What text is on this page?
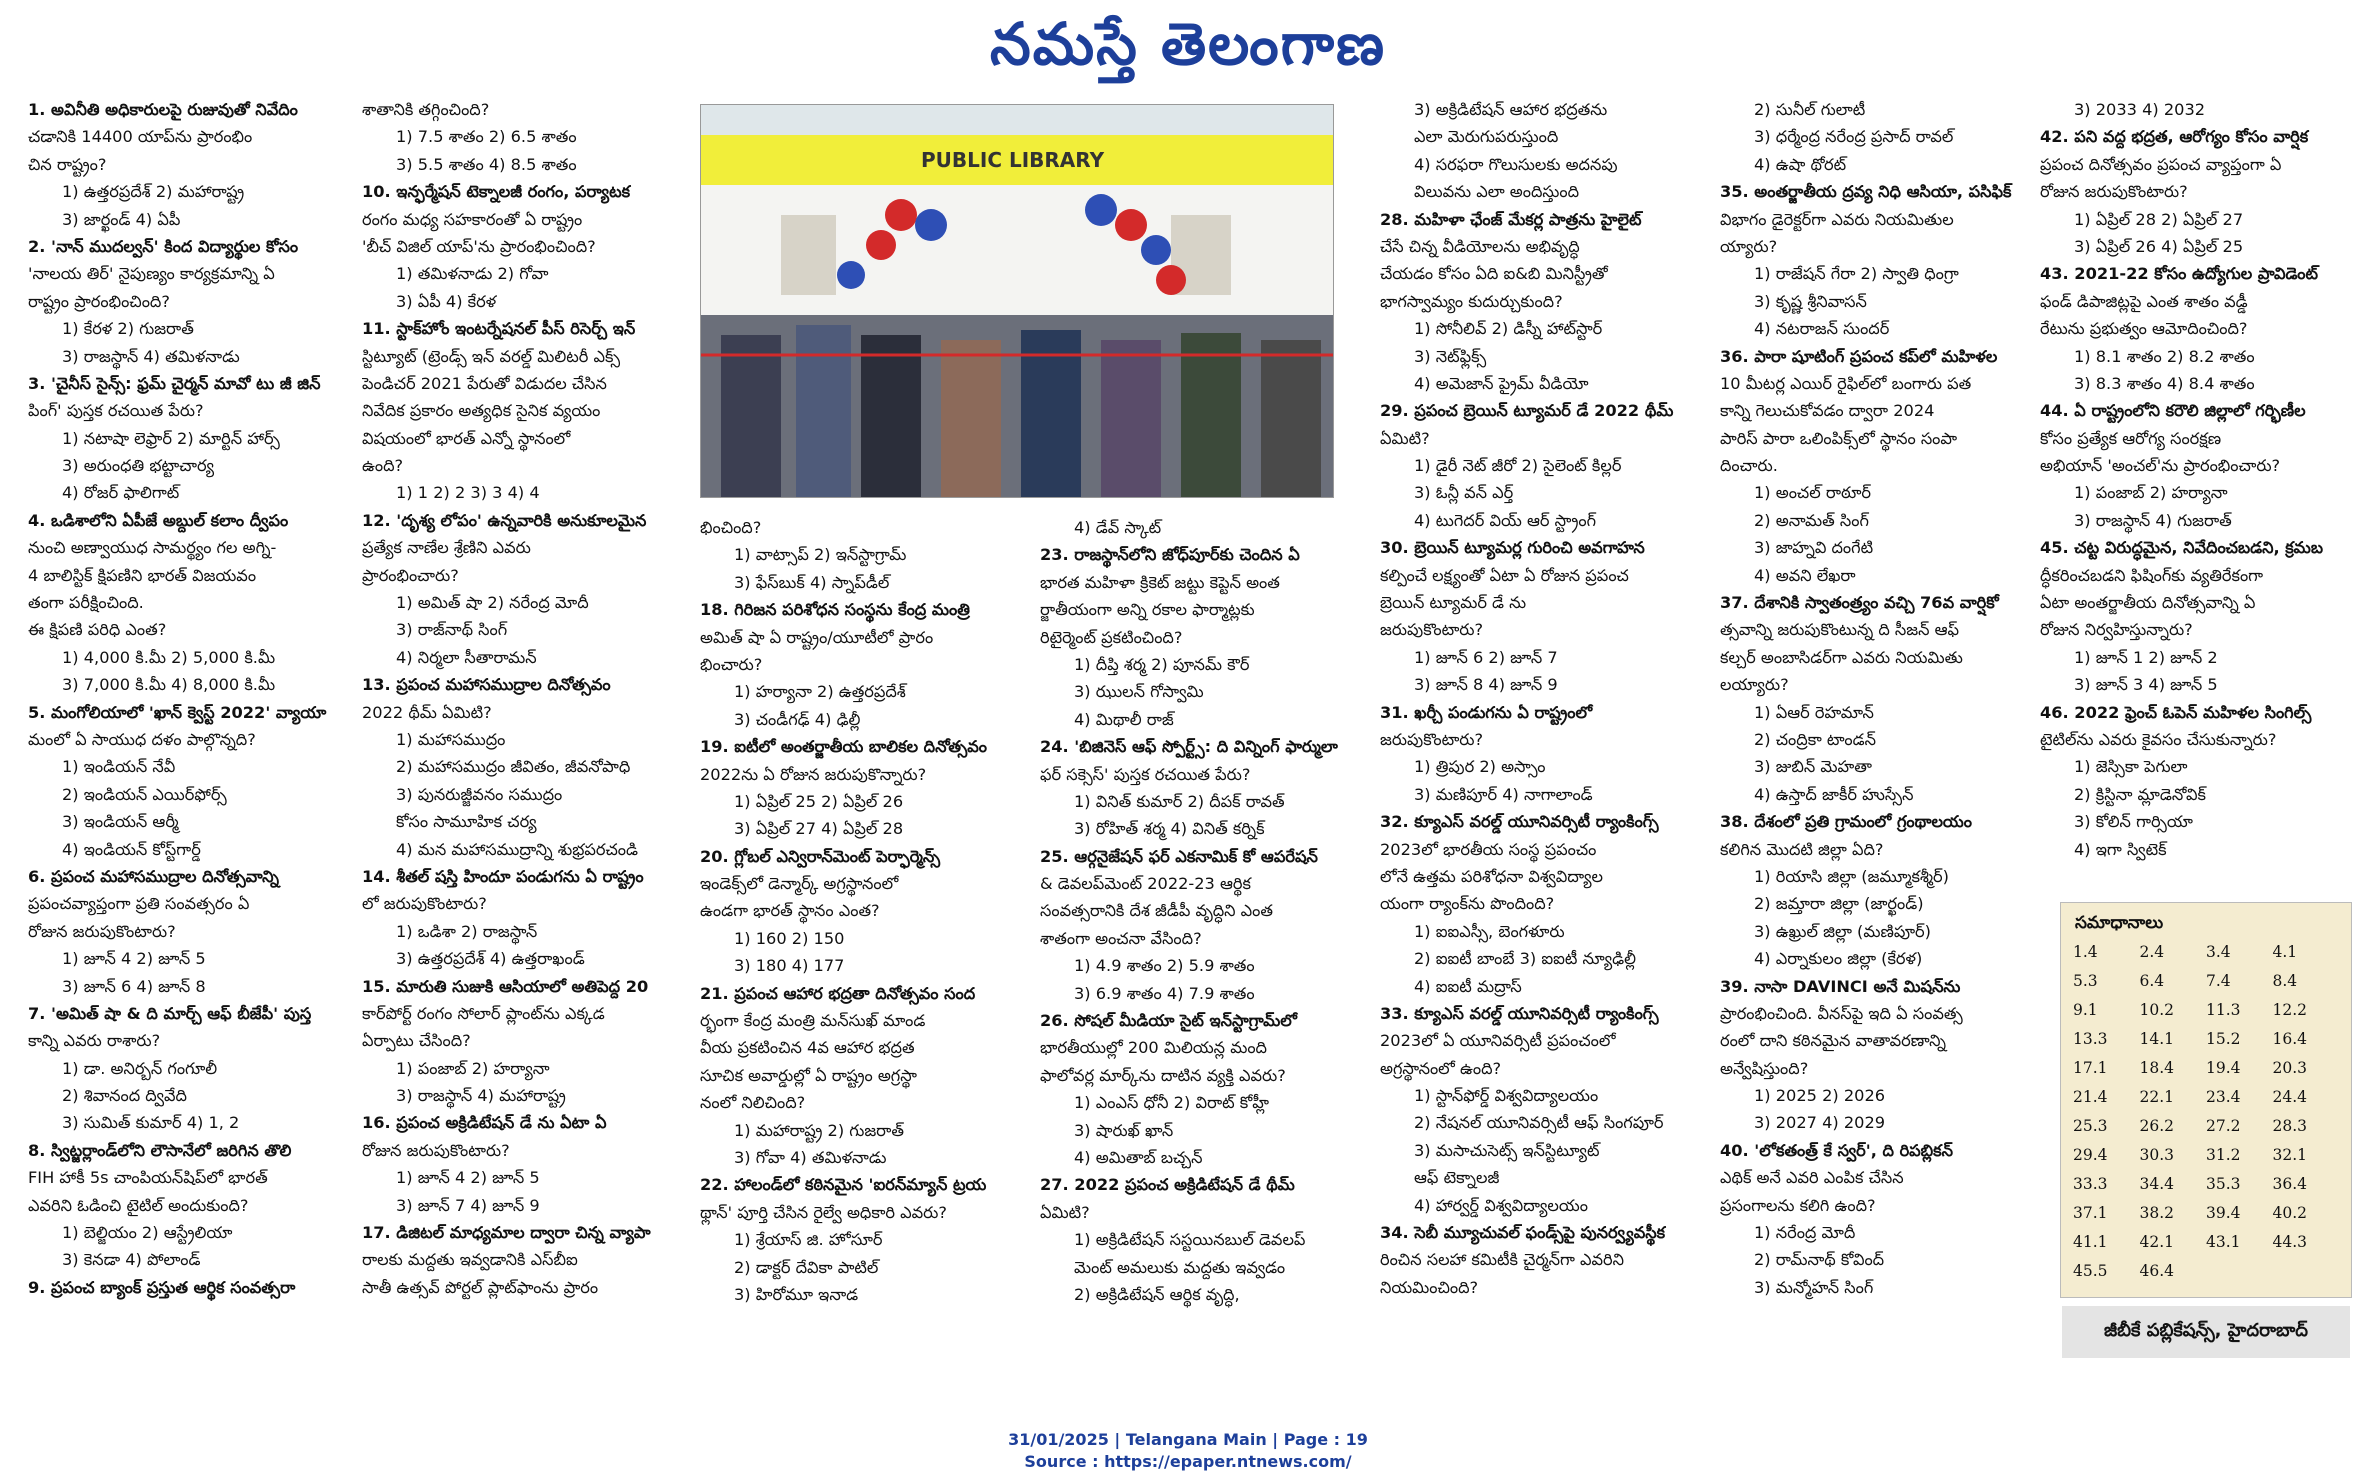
నమస్తే తెలంగాణ
1. అవినీతి అధికారులపై రుజువుతో నివేదిం
చడానికి 14400 యాప్‌ను ప్రారంభిం
చిన రాష్ట్రం?
1) ఉత్తరప్రదేశ్ 2) మహారాష్ట్ర
3) జార్ఖండ్ 4) ఏపీ
2. 'నాన్ ముదల్వన్' కింద విద్యార్థుల కోసం
'నాలయ తిర్' నైపుణ్యం కార్యక్రమాన్ని ఏ
రాష్ట్రం ప్రారంభించింది?
1) కేరళ 2) గుజరాత్
3) రాజస్థాన్ 4) తమిళనాడు
3. 'చైనీస్ సైన్స్: ఫ్రమ్ చైర్మన్ మావో టు జీ జిన్
పింగ్' పుస్తక రచయిత పేరు?
1) నటాషా లెఫ్రార్ 2) మార్టిన్ హార్స్
3) అరుంధతి భట్టాచార్య
4) రోజర్ ఫాలిగాట్
4. ఒడిశాలోని ఏపీజే అబ్దుల్ కలాం ద్వీపం
నుంచి అణ్వాయుధ సామర్థ్యం గల అగ్ని-
4 బాలిస్టిక్ క్షిపణిని భారత్ విజయవం
తంగా పరీక్షించింది.
ఈ క్షిపణి పరిధి ఎంత?
1) 4,000 కి.మీ 2) 5,000 కి.మీ
3) 7,000 కి.మీ 4) 8,000 కి.మీ
5. మంగోలియాలో 'ఖాన్ క్వెస్ట్ 2022' వ్యాయా
మంలో ఏ సాయుధ దళం పాల్గొన్నది?
1) ఇండియన్ నేవీ
2) ఇండియన్ ఎయిర్‌ఫోర్స్
3) ఇండియన్ ఆర్మీ
4) ఇండియన్ కోస్ట్‌గార్డ్
6. ప్రపంచ మహాసముద్రాల దినోత్సవాన్ని
ప్రపంచవ్యాప్తంగా ప్రతి సంవత్సరం ఏ
రోజున జరుపుకొంటారు?
1) జూన్ 4 2) జూన్ 5
3) జూన్ 6 4) జూన్ 8
7. 'అమిత్ షా & ది మార్చ్ ఆఫ్ బీజేపీ' పుస్త
కాన్ని ఎవరు రాశారు?
1) డా. అనిర్బన్ గంగూలీ
2) శివానంద ద్వివేది
3) సుమిత్ కుమార్ 4) 1, 2
8. స్విట్జర్లాండ్‌లోని లౌసానేలో జరిగిన తొలి
FIH హాకీ 5s చాంపియన్‌షిప్‌లో భారత్
ఎవరిని ఓడించి టైటిల్ అందుకుంది?
1) బెల్జియం 2) ఆస్ట్రేలియా
3) కెనడా 4) పోలాండ్
9. ప్రపంచ బ్యాంక్ ప్రస్తుత ఆర్థిక సంవత్సరా
శాతానికి తగ్గించింది?
1) 7.5 శాతం 2) 6.5 శాతం
3) 5.5 శాతం 4) 8.5 శాతం
10. ఇన్ఫర్మేషన్ టెక్నాలజీ రంగం, పర్యాటక
రంగం మధ్య సహకారంతో ఏ రాష్ట్రం
'బీచ్ విజిల్ యాప్'ను ప్రారంభించింది?
1) తమిళనాడు 2) గోవా
3) ఏపీ 4) కేరళ
11. స్టాక్‌హోం ఇంటర్నేషనల్ పీస్ రిసెర్చ్ ఇన్
స్టిట్యూట్ (ట్రెండ్స్ ఇన్ వరల్డ్ మిలిటరీ ఎక్స్
పెండిచర్ 2021 పేరుతో విడుదల చేసిన
నివేదిక ప్రకారం అత్యధిక సైనిక వ్యయం
విషయంలో భారత్ ఎన్నో స్థానంలో
ఉంది?
1) 1 2) 2 3) 3 4) 4
12. 'దృశ్య లోపం' ఉన్నవారికి అనుకూలమైన
ప్రత్యేక నాణేల శ్రేణిని ఎవరు
ప్రారంభించారు?
1) అమిత్ షా 2) నరేంద్ర మోదీ
3) రాజ్‌నాథ్ సింగ్
4) నిర్మలా సీతారామన్
13. ప్రపంచ మహాసముద్రాల దినోత్సవం
2022 థీమ్ ఏమిటి?
1) మహాసముద్రం
2) మహాసముద్రం జీవితం, జీవనోపాధి
3) పునరుజ్జీవనం సముద్రం
కోసం సామూహిక చర్య
4) మన మహాసముద్రాన్ని శుభ్రపరచండి
14. శీతల్ షస్తి హిందూ పండుగను ఏ రాష్ట్రం
లో జరుపుకొంటారు?
1) ఒడిశా 2) రాజస్థాన్
3) ఉత్తరప్రదేశ్ 4) ఉత్తరాఖండ్
15. మారుతి సుజుకి ఆసియాలో అతిపెద్ద 20
కార్‌పోర్ట్ రంగం సోలార్ ప్లాంట్‌ను ఎక్కడ
ఏర్పాటు చేసింది?
1) పంజాబ్ 2) హర్యానా
3) రాజస్థాన్ 4) మహారాష్ట్ర
16. ప్రపంచ అక్రిడిటేషన్ డే ను ఏటా ఏ
రోజున జరుపుకొంటారు?
1) జూన్ 4 2) జూన్ 5
3) జూన్ 7 4) జూన్ 9
17. డిజిటల్ మాధ్యమాల ద్వారా చిన్న వ్యాపా
రాలకు మద్దతు ఇవ్వడానికి ఎస్‌బీఐ
సాతీ ఉత్సవ్ పోర్టల్ ప్లాట్‌ఫాంను ప్రారం
భించింది?
1) వాట్సాప్ 2) ఇన్‌స్టాగ్రామ్
3) ఫేస్‌బుక్ 4) స్నాప్‌డీల్
18. గిరిజన పరిశోధన సంస్థను కేంద్ర మంత్రి
అమిత్ షా ఏ రాష్ట్రం/యూటీలో ప్రారం
భించారు?
1) హర్యానా 2) ఉత్తరప్రదేశ్
3) చండీగఢ్ 4) ఢిల్లీ
19. ఐటీలో అంతర్జాతీయ బాలికల దినోత్సవం
2022ను ఏ రోజున జరుపుకొన్నారు?
1) ఏప్రిల్ 25 2) ఏప్రిల్ 26
3) ఏప్రిల్ 27 4) ఏప్రిల్ 28
20. గ్లోబల్ ఎన్విరాన్‌మెంట్ పెర్ఫార్మెన్స్
ఇండెక్స్‌లో డెన్మార్క్ అగ్రస్థానంలో
ఉండగా భారత్ స్థానం ఎంత?
1) 160 2) 150
3) 180 4) 177
21. ప్రపంచ ఆహార భద్రతా దినోత్సవం సంద
ర్భంగా కేంద్ర మంత్రి మన్‌సుఖ్ మాండ
వీయ ప్రకటించిన 4వ ఆహార భద్రత
సూచిక అవార్డుల్లో ఏ రాష్ట్రం అగ్రస్థా
నంలో నిలిచింది?
1) మహారాష్ట్ర 2) గుజరాత్
3) గోవా 4) తమిళనాడు
22. హాలండ్‌లో కఠినమైన 'ఐరన్‌మ్యాన్ ట్రయ
థ్లాన్' పూర్తి చేసిన రైల్వే అధికారి ఎవరు?
1) శ్రేయాస్ జి. హోసూర్
2) డాక్టర్ దేవికా పాటిల్
3) హిరోమూ ఇనాడ
4) డేవ్ స్కాట్
23. రాజస్థాన్‌లోని జోధ్‌పూర్‌కు చెందిన ఏ
భారత మహిళా క్రికెట్ జట్టు కెప్టెన్ అంత
ర్జాతీయంగా అన్ని రకాల ఫార్మాట్లకు
రిటైర్మెంట్ ప్రకటించింది?
1) దీప్తి శర్మ 2) పూనమ్ కౌర్
3) ఝులన్ గోస్వామి
4) మిథాలీ రాజ్
24. 'బిజినెస్ ఆఫ్ స్పోర్ట్స్: ది విన్నింగ్ ఫార్ములా
ఫర్ సక్సెస్' పుస్తక రచయిత పేరు?
1) వినిత్ కుమార్ 2) దీపక్ రావత్
3) రోహిత్ శర్మ 4) వినిత్ కర్నిక్
25. ఆర్గనైజేషన్ ఫర్ ఎకనామిక్ కో ఆపరేషన్
& డెవలప్‌మెంట్ 2022-23 ఆర్థిక
సంవత్సరానికి దేశ జీడీపీ వృద్ధిని ఎంత
శాతంగా అంచనా వేసింది?
1) 4.9 శాతం 2) 5.9 శాతం
3) 6.9 శాతం 4) 7.9 శాతం
26. సోషల్ మీడియా సైట్ ఇన్‌స్టాగ్రామ్‌లో
భారతీయుల్లో 200 మిలియన్ల మంది
ఫాలోవర్ల మార్క్‌ను దాటిన వ్యక్తి ఎవరు?
1) ఎంఎస్ ధోనీ 2) విరాట్ కోహ్లీ
3) షారుఖ్ ఖాన్
4) అమితాబ్ బచ్చన్
27. 2022 ప్రపంచ అక్రిడిటేషన్ డే థీమ్
ఏమిటి?
1) అక్రిడిటేషన్ సస్టయినబుల్ డెవలప్
మెంట్ అమలుకు మద్దతు ఇవ్వడం
2) అక్రిడిటేషన్ ఆర్థిక వృద్ధి,
3) అక్రిడిటేషన్ ఆహార భద్రతను
ఎలా మెరుగుపరుస్తుంది
4) సరఫరా గొలుసులకు అదనపు
విలువను ఎలా అందిస్తుంది
28. మహిళా ఛేంజ్ మేకర్ల పాత్రను హైలైట్
చేసే చిన్న వీడియోలను అభివృద్ధి
చేయడం కోసం ఏది ఐ&బి మినిస్ట్రీతో
భాగస్వామ్యం కుదుర్చుకుంది?
1) సోనీలివ్ 2) డిస్నీ హాట్‌స్టార్
3) నెట్‌ఫ్లిక్స్
4) అమెజాన్ ప్రైమ్ వీడియో
29. ప్రపంచ బ్రెయిన్ ట్యూమర్ డే 2022 థీమ్
ఏమిటి?
1) డైరీ నెట్ జీరో 2) సైలెంట్ కిల్లర్
3) ఓన్లీ వన్ ఎర్త్
4) టుగెదర్ వియ్ ఆర్ స్ట్రాంగ్
30. బ్రెయిన్ ట్యూమర్ల గురించి అవగాహన
కల్పించే లక్ష్యంతో ఏటా ఏ రోజున ప్రపంచ
బ్రెయిన్ ట్యూమర్ డే ను
జరుపుకొంటారు?
1) జూన్ 6 2) జూన్ 7
3) జూన్ 8 4) జూన్ 9
31. ఖర్చీ పండుగను ఏ రాష్ట్రంలో
జరుపుకొంటారు?
1) త్రిపుర 2) అస్సాం
3) మణిపూర్ 4) నాగాలాండ్
32. క్యూఎస్ వరల్డ్ యూనివర్సిటీ ర్యాంకింగ్స్
2023లో భారతీయ సంస్థ ప్రపంచం
లోనే ఉత్తమ పరిశోధనా విశ్వవిద్యాల
యంగా ర్యాంక్‌ను పొందింది?
1) ఐఐఎస్సీ, బెంగళూరు
2) ఐఐటీ బాంబే 3) ఐఐటీ న్యూఢిల్లీ
4) ఐఐటీ మద్రాస్
33. క్యూఎస్ వరల్డ్ యూనివర్సిటీ ర్యాంకింగ్స్
2023లో ఏ యూనివర్సిటీ ప్రపంచంలో
అగ్రస్థానంలో ఉంది?
1) స్టాన్‌ఫోర్డ్ విశ్వవిద్యాలయం
2) నేషనల్ యూనివర్సిటీ ఆఫ్ సింగపూర్
3) మసాచుసెట్స్ ఇన్‌స్టిట్యూట్
ఆఫ్ టెక్నాలజీ
4) హార్వర్డ్ విశ్వవిద్యాలయం
34. సెబీ మ్యూచువల్ ఫండ్స్‌పై పునర్వ్యవస్థీక
రించిన సలహా కమిటీకి చైర్మన్‌గా ఎవరిని
నియమించింది?
2) సునీల్ గులాటీ
3) ధర్మేంద్ర నరేంద్ర ప్రసాద్ రావల్
4) ఉషా థోరట్
35. అంతర్జాతీయ ద్రవ్య నిధి ఆసియా, పసిఫిక్
విభాగం డైరెక్టర్‌గా ఎవరు నియమితుల
య్యారు?
1) రాజేషన్ గేరా 2) స్వాతి ధింగ్రా
3) కృష్ణ శ్రీనివాసన్
4) నటరాజన్ సుందర్
36. పారా షూటింగ్ ప్రపంచ కప్‌లో మహిళల
10 మీటర్ల ఎయిర్ రైఫిల్‌లో బంగారు పత
కాన్ని గెలుచుకోవడం ద్వారా 2024
పారిస్ పారా ఒలింపిక్స్‌లో స్థానం సంపా
దించారు.
1) అంచల్ రాఠూర్
2) అనామత్ సింగ్
3) జాహ్నవి దంగేటి
4) అవని లేఖరా
37. దేశానికి స్వాతంత్ర్యం వచ్చి 76వ వార్షికో
త్సవాన్ని జరుపుకొంటున్న ది సీజన్ ఆఫ్
కల్చర్ అంబాసిడర్‌గా ఎవరు నియమితు
లయ్యారు?
1) ఏఆర్ రెహమాన్
2) చంద్రికా టాండన్
3) జుబిన్ మెహతా
4) ఉస్తాద్ జాకీర్ హుస్సేన్
38. దేశంలో ప్రతి గ్రామంలో గ్రంథాలయం
కలిగిన మొదటి జిల్లా ఏది?
1) రియాసి జిల్లా (జమ్మూకశ్మీర్)
2) జమ్తారా జిల్లా (జార్ఖండ్)
3) ఉఖ్రుల్ జిల్లా (మణిపూర్)
4) ఎర్నాకులం జిల్లా (కేరళ)
39. నాసా DAVINCI అనే మిషన్‌ను
ప్రారంభించింది. వీనస్‌పై ఇది ఏ సంవత్స
రంలో దాని కఠినమైన వాతావరణాన్ని
అన్వేషిస్తుంది?
1) 2025 2) 2026
3) 2027 4) 2029
40. 'లోకతంత్ర్ కే స్వర్', ది రిపబ్లికన్
ఎథిక్ అనే ఎవరి ఎంపిక చేసిన
ప్రసంగాలను కలిగి ఉంది?
1) నరేంద్ర మోదీ
2) రామ్‌నాథ్ కోవింద్
3) మన్మోహన్ సింగ్
3) 2033 4) 2032
42. పని వద్ద భద్రత, ఆరోగ్యం కోసం వార్షిక
ప్రపంచ దినోత్సవం ప్రపంచ వ్యాప్తంగా ఏ
రోజున జరుపుకొంటారు?
1) ఏప్రిల్ 28 2) ఏప్రిల్ 27
3) ఏప్రిల్ 26 4) ఏప్రిల్ 25
43. 2021-22 కోసం ఉద్యోగుల ప్రావిడెంట్
ఫండ్ డిపాజిట్లపై ఎంత శాతం వడ్డీ
రేటును ప్రభుత్వం ఆమోదించింది?
1) 8.1 శాతం 2) 8.2 శాతం
3) 8.3 శాతం 4) 8.4 శాతం
44. ఏ రాష్ట్రంలోని కరౌలి జిల్లాలో గర్భిణీల
కోసం ప్రత్యేక ఆరోగ్య సంరక్షణ
అభియాన్ 'అంచల్'ను ప్రారంభించారు?
1) పంజాబ్ 2) హర్యానా
3) రాజస్థాన్ 4) గుజరాత్
45. చట్ట విరుద్ధమైన, నివేదించబడని, క్రమబ
ద్ధీకరించబడని ఫిషింగ్‌కు వ్యతిరేకంగా
ఏటా అంతర్జాతీయ దినోత్సవాన్ని ఏ
రోజున నిర్వహిస్తున్నారు?
1) జూన్ 1 2) జూన్ 2
3) జూన్ 3 4) జూన్ 5
46. 2022 ఫ్రెంచ్ ఓపెన్ మహిళల సింగిల్స్
టైటిల్‌ను ఎవరు కైవసం చేసుకున్నారు?
1) జెస్సికా పెగులా
2) క్రిస్టినా మ్లాడెనోవిక్
3) కోలిన్ గార్సియా
4) ఇగా స్విటెక్
PUBLIC LIBRARY
సమాధానాలు
1.4	2.4	3.4	4.1
5.3	6.4	7.4	8.4
9.1	10.2	11.3	12.2
13.3	14.1	15.2	16.4
17.1	18.4	19.4	20.3
21.4	22.1	23.4	24.4
25.3	26.2	27.2	28.3
29.4	30.3	31.2	32.1
33.3	34.4	35.3	36.4
37.1	38.2	39.4	40.2
41.1	42.1	43.1	44.3
45.5	46.4
జీబీకే పబ్లికేషన్స్, హైదరాబాద్
31/01/2025 | Telangana Main | Page : 19
Source : https://epaper.ntnews.com/
